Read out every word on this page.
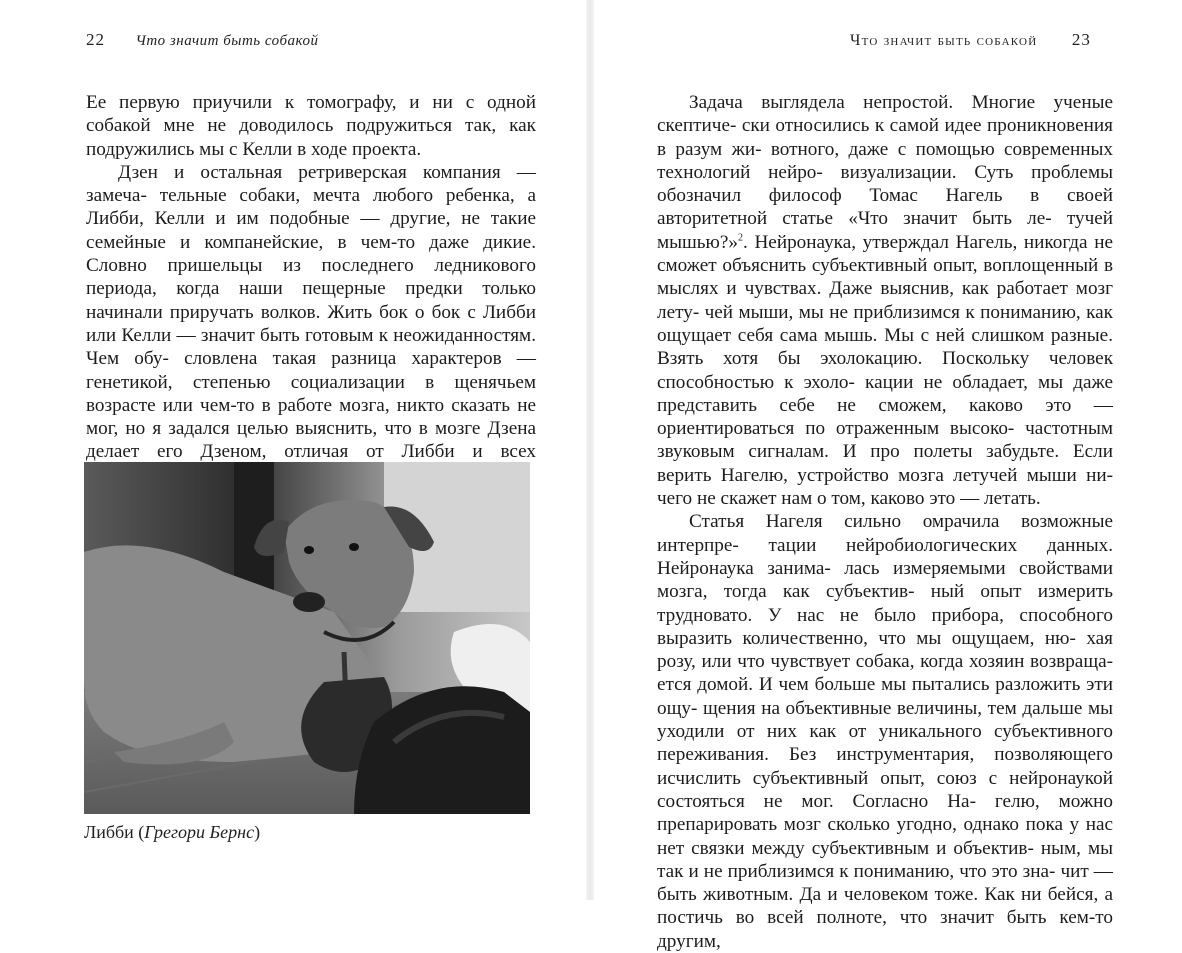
22 Что значит быть собакой

Ее первую приучили к томографу, и ни с одной собакой мне не доводилось подружиться так, как подружились мы с Келли в ходе проекта.

Дзен и остальная ретриверская компания — замеча- тельные собаки, мечта любого ребенка, а Либби, Келли и им подобные — другие, не такие семейные и компанейские, в чем-то даже дикие. Словно пришельцы из последнего ледникового периода, когда наши пещерные предки только начинали приручать волков. Жить бок о бок с Либби или Келли — значит быть готовым к неожиданностям. Чем обу- словлена такая разница характеров — генетикой, степенью социализации в щенячьем возрасте или чем-то в работе мозга, никто сказать не мог, но я задался целью выяснить, что в мозге Дзена делает его Дзеном, отличая от Либби и всех

Либби (Грегори Бернс)
Что значит быть собакой 23

Задача выглядела непростой. Многие ученые скептиче- ски относились к самой идее проникновения в разум жи- вотного, даже с помощью современных технологий нейро- визуализации. Суть проблемы обозначил философ Томас Нагель в своей авторитетной статье «Что значит быть ле- тучей мышью?»$^2$. Нейронаука, утверждал Нагель, никогда не сможет объяснить субъективный опыт, воплощенный в мыслях и чувствах. Даже выяснив, как работает мозг лету- чей мыши, мы не приблизимся к пониманию, как ощущает себя сама мышь. Мы с ней слишком разные. Взять хотя бы эхолокацию. Поскольку человек способностью к эхоло- кации не обладает, мы даже представить себе не сможем, каково это — ориентироваться по отраженным высоко- частотным звуковым сигналам. И про полеты забудьте. Если верить Нагелю, устройство мозга летучей мыши ни- чего не скажет нам о том, каково это — летать.

Статья Нагеля сильно омрачила возможные интерпре- тации нейробиологических данных. Нейронаука занима- лась измеряемыми свойствами мозга, тогда как субъектив- ный опыт измерить трудновато. У нас не было прибора, способного выразить количественно, что мы ощущаем, ню- хая розу, или что чувствует собака, когда хозяин возвраща- ется домой. И чем больше мы пытались разложить эти ощу- щения на объективные величины, тем дальше мы уходили от них как от уникального субъективного переживания. Без инструментария, позволяющего исчислить субъективный опыт, союз с нейронаукой состояться не мог. Согласно На- гелю, можно препарировать мозг сколько угодно, однако пока у нас нет связки между субъективным и объектив- ным, мы так и не приблизимся к пониманию, что это зна- чит — быть животным. Да и человеком тоже. Как ни бейся, а постичь во всей полноте, что значит быть кем-то другим,
